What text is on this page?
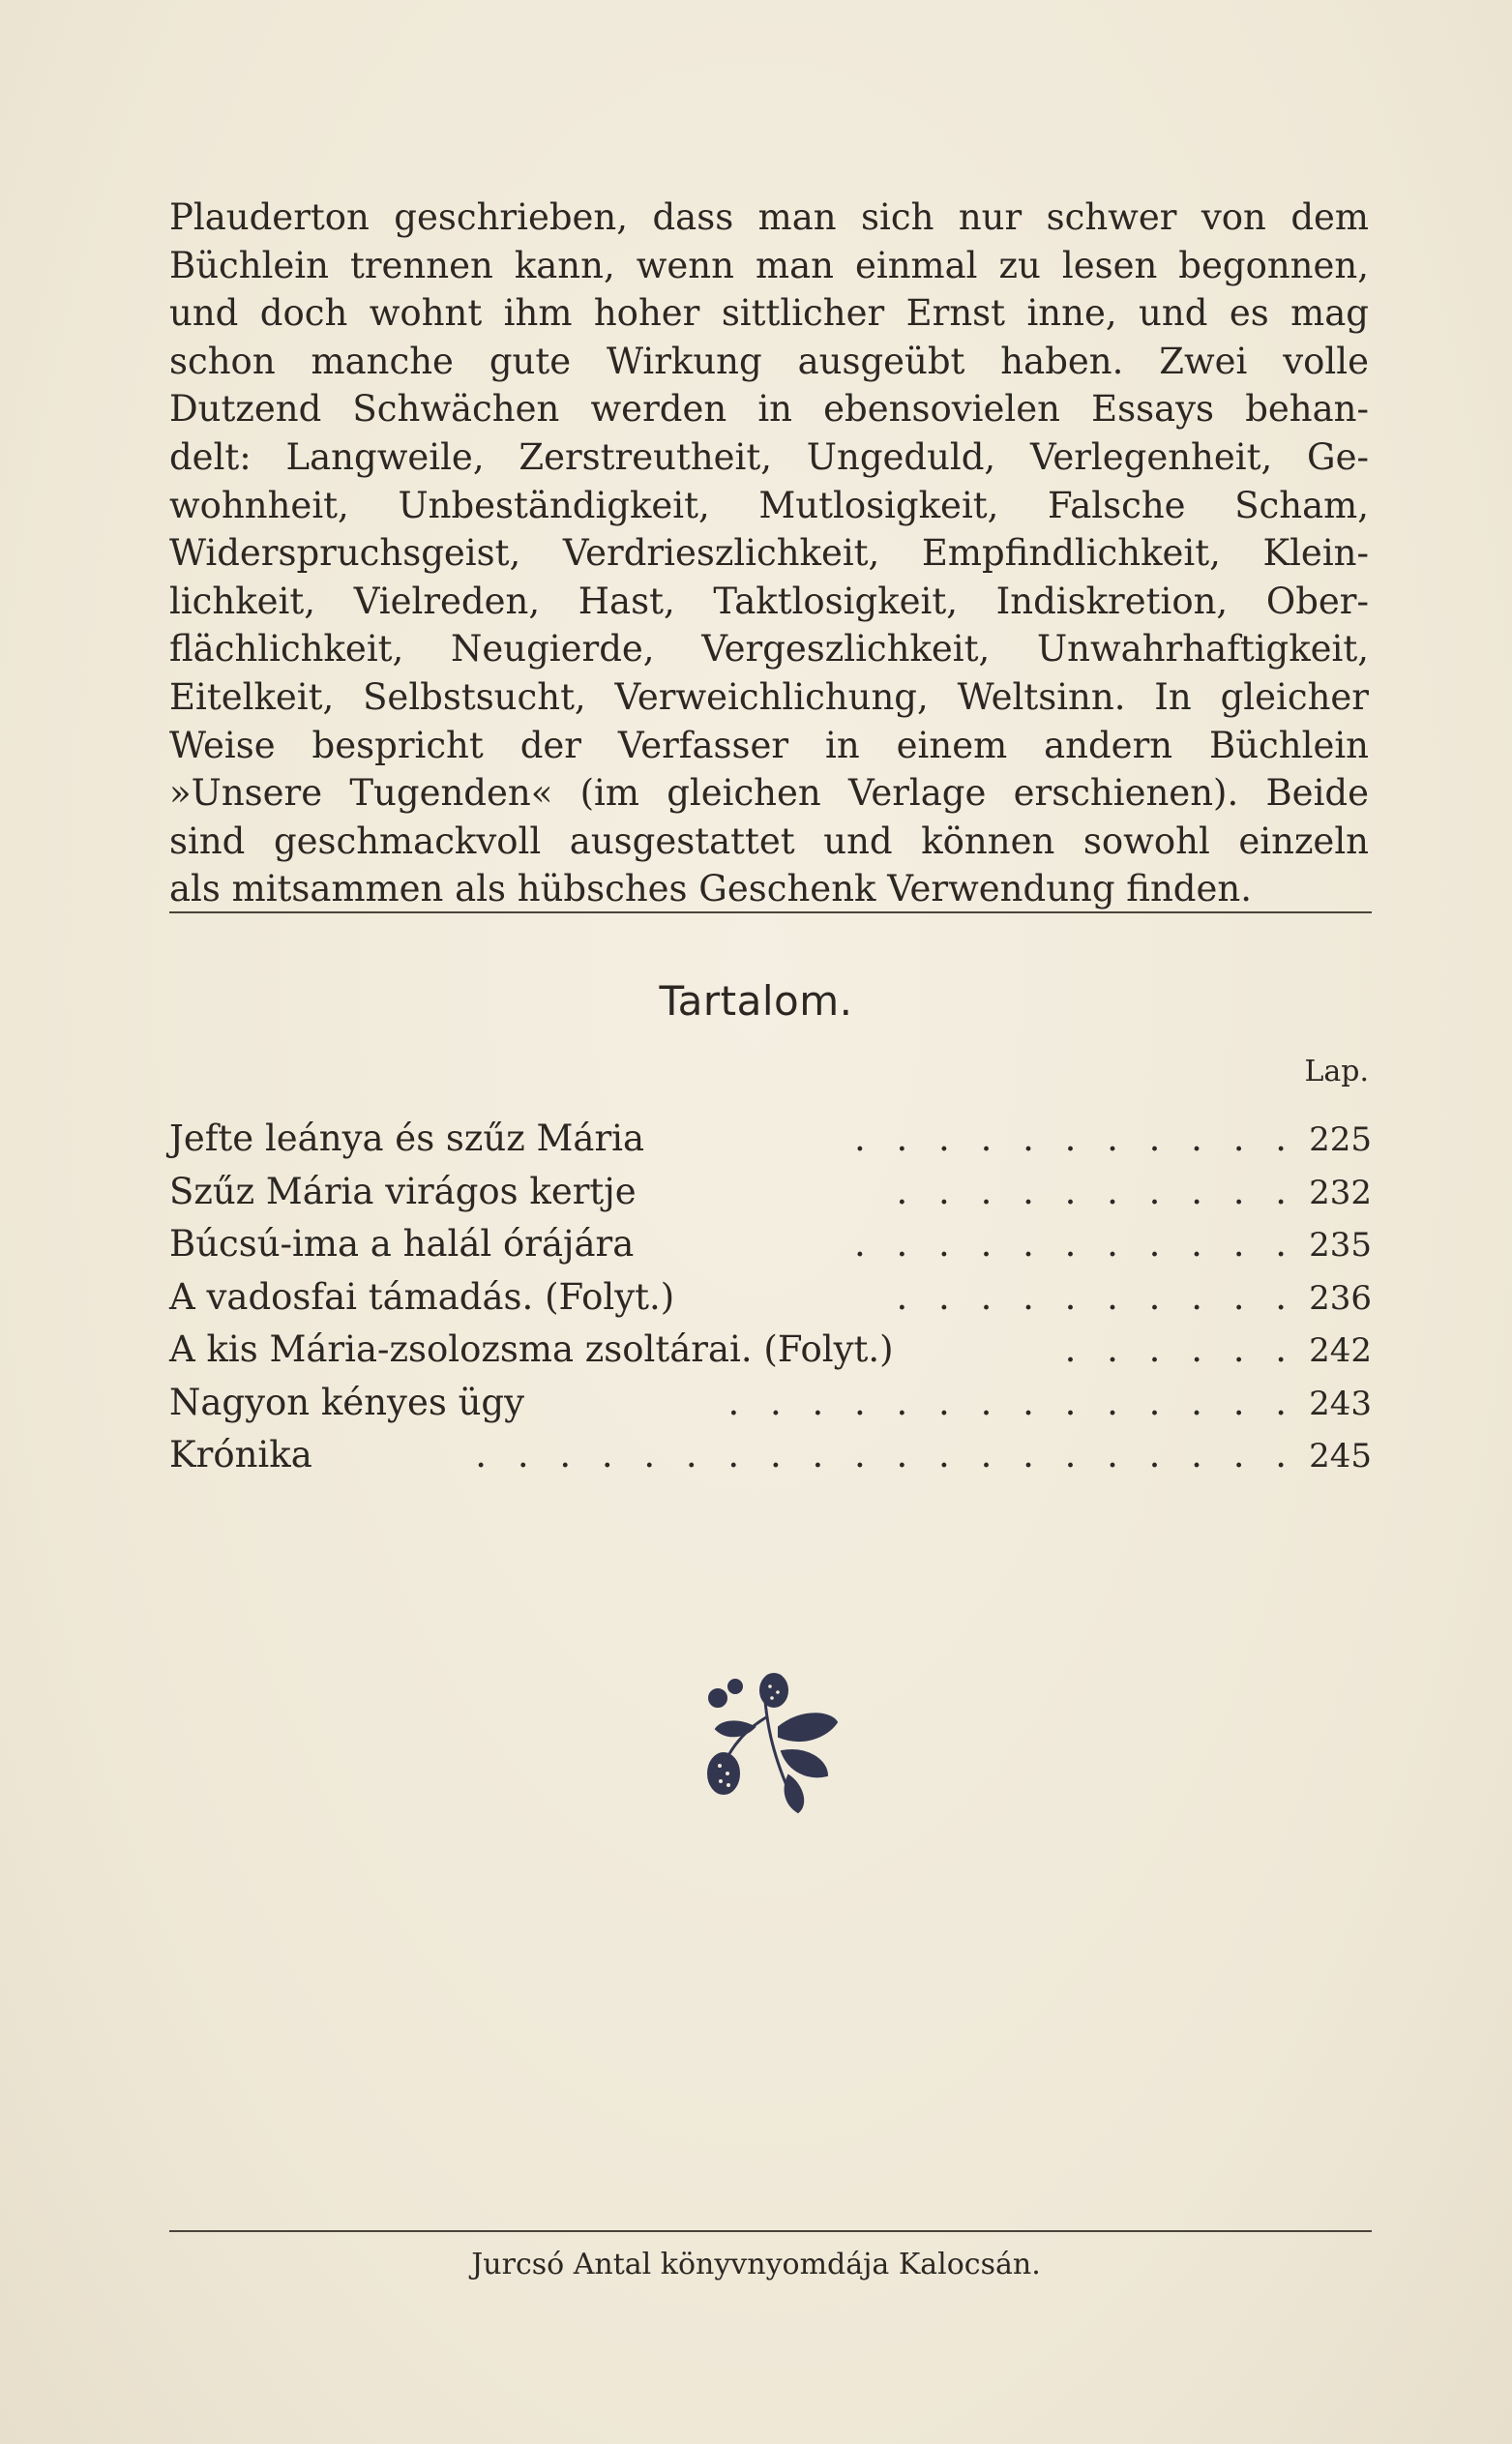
Plauderton geschrieben, dass man sich nur schwer von dem
Büchlein trennen kann, wenn man einmal zu lesen begonnen,
und doch wohnt ihm hoher sittlicher Ernst inne, und es mag
schon manche gute Wirkung ausgeübt haben. Zwei volle
Dutzend Schwächen werden in ebensovielen Essays behan-
delt: Langweile, Zerstreutheit, Ungeduld, Verlegenheit, Ge-
wohnheit, Unbeständigkeit, Mutlosigkeit, Falsche Scham,
Widerspruchsgeist, Verdrieszlichkeit, Empfindlichkeit, Klein-
lichkeit, Vielreden, Hast, Taktlosigkeit, Indiskretion, Ober-
flächlichkeit, Neugierde, Vergeszlichkeit, Unwahrhaftigkeit,
Eitelkeit, Selbstsucht, Verweichlichung, Weltsinn. In gleicher
Weise bespricht der Verfasser in einem andern Büchlein
»Unsere Tugenden« (im gleichen Verlage erschienen). Beide
sind geschmackvoll ausgestattet und können sowohl einzeln
als mitsammen als hübsches Geschenk Verwendung finden.
Tartalom.
Lap.
Jefte leánya és szűz Mária	. . . . . . . . . . . 225
Szűz Mária virágos kertje	. . . . . . . . . . 232
Búcsú-ima a halál órájára	. . . . . . . . . . . 235
A vadosfai támadás. (Folyt.)	. . . . . . . . . . 236
A kis Mária-zsolozsma zsoltárai. (Folyt.)	. . . . . . 242
Nagyon kényes ügy	. . . . . . . . . . . . . . 243
Krónika	. . . . . . . . . . . . . . . . . . . . 245
Jurcsó Antal könyvnyomdája Kalocsán.
